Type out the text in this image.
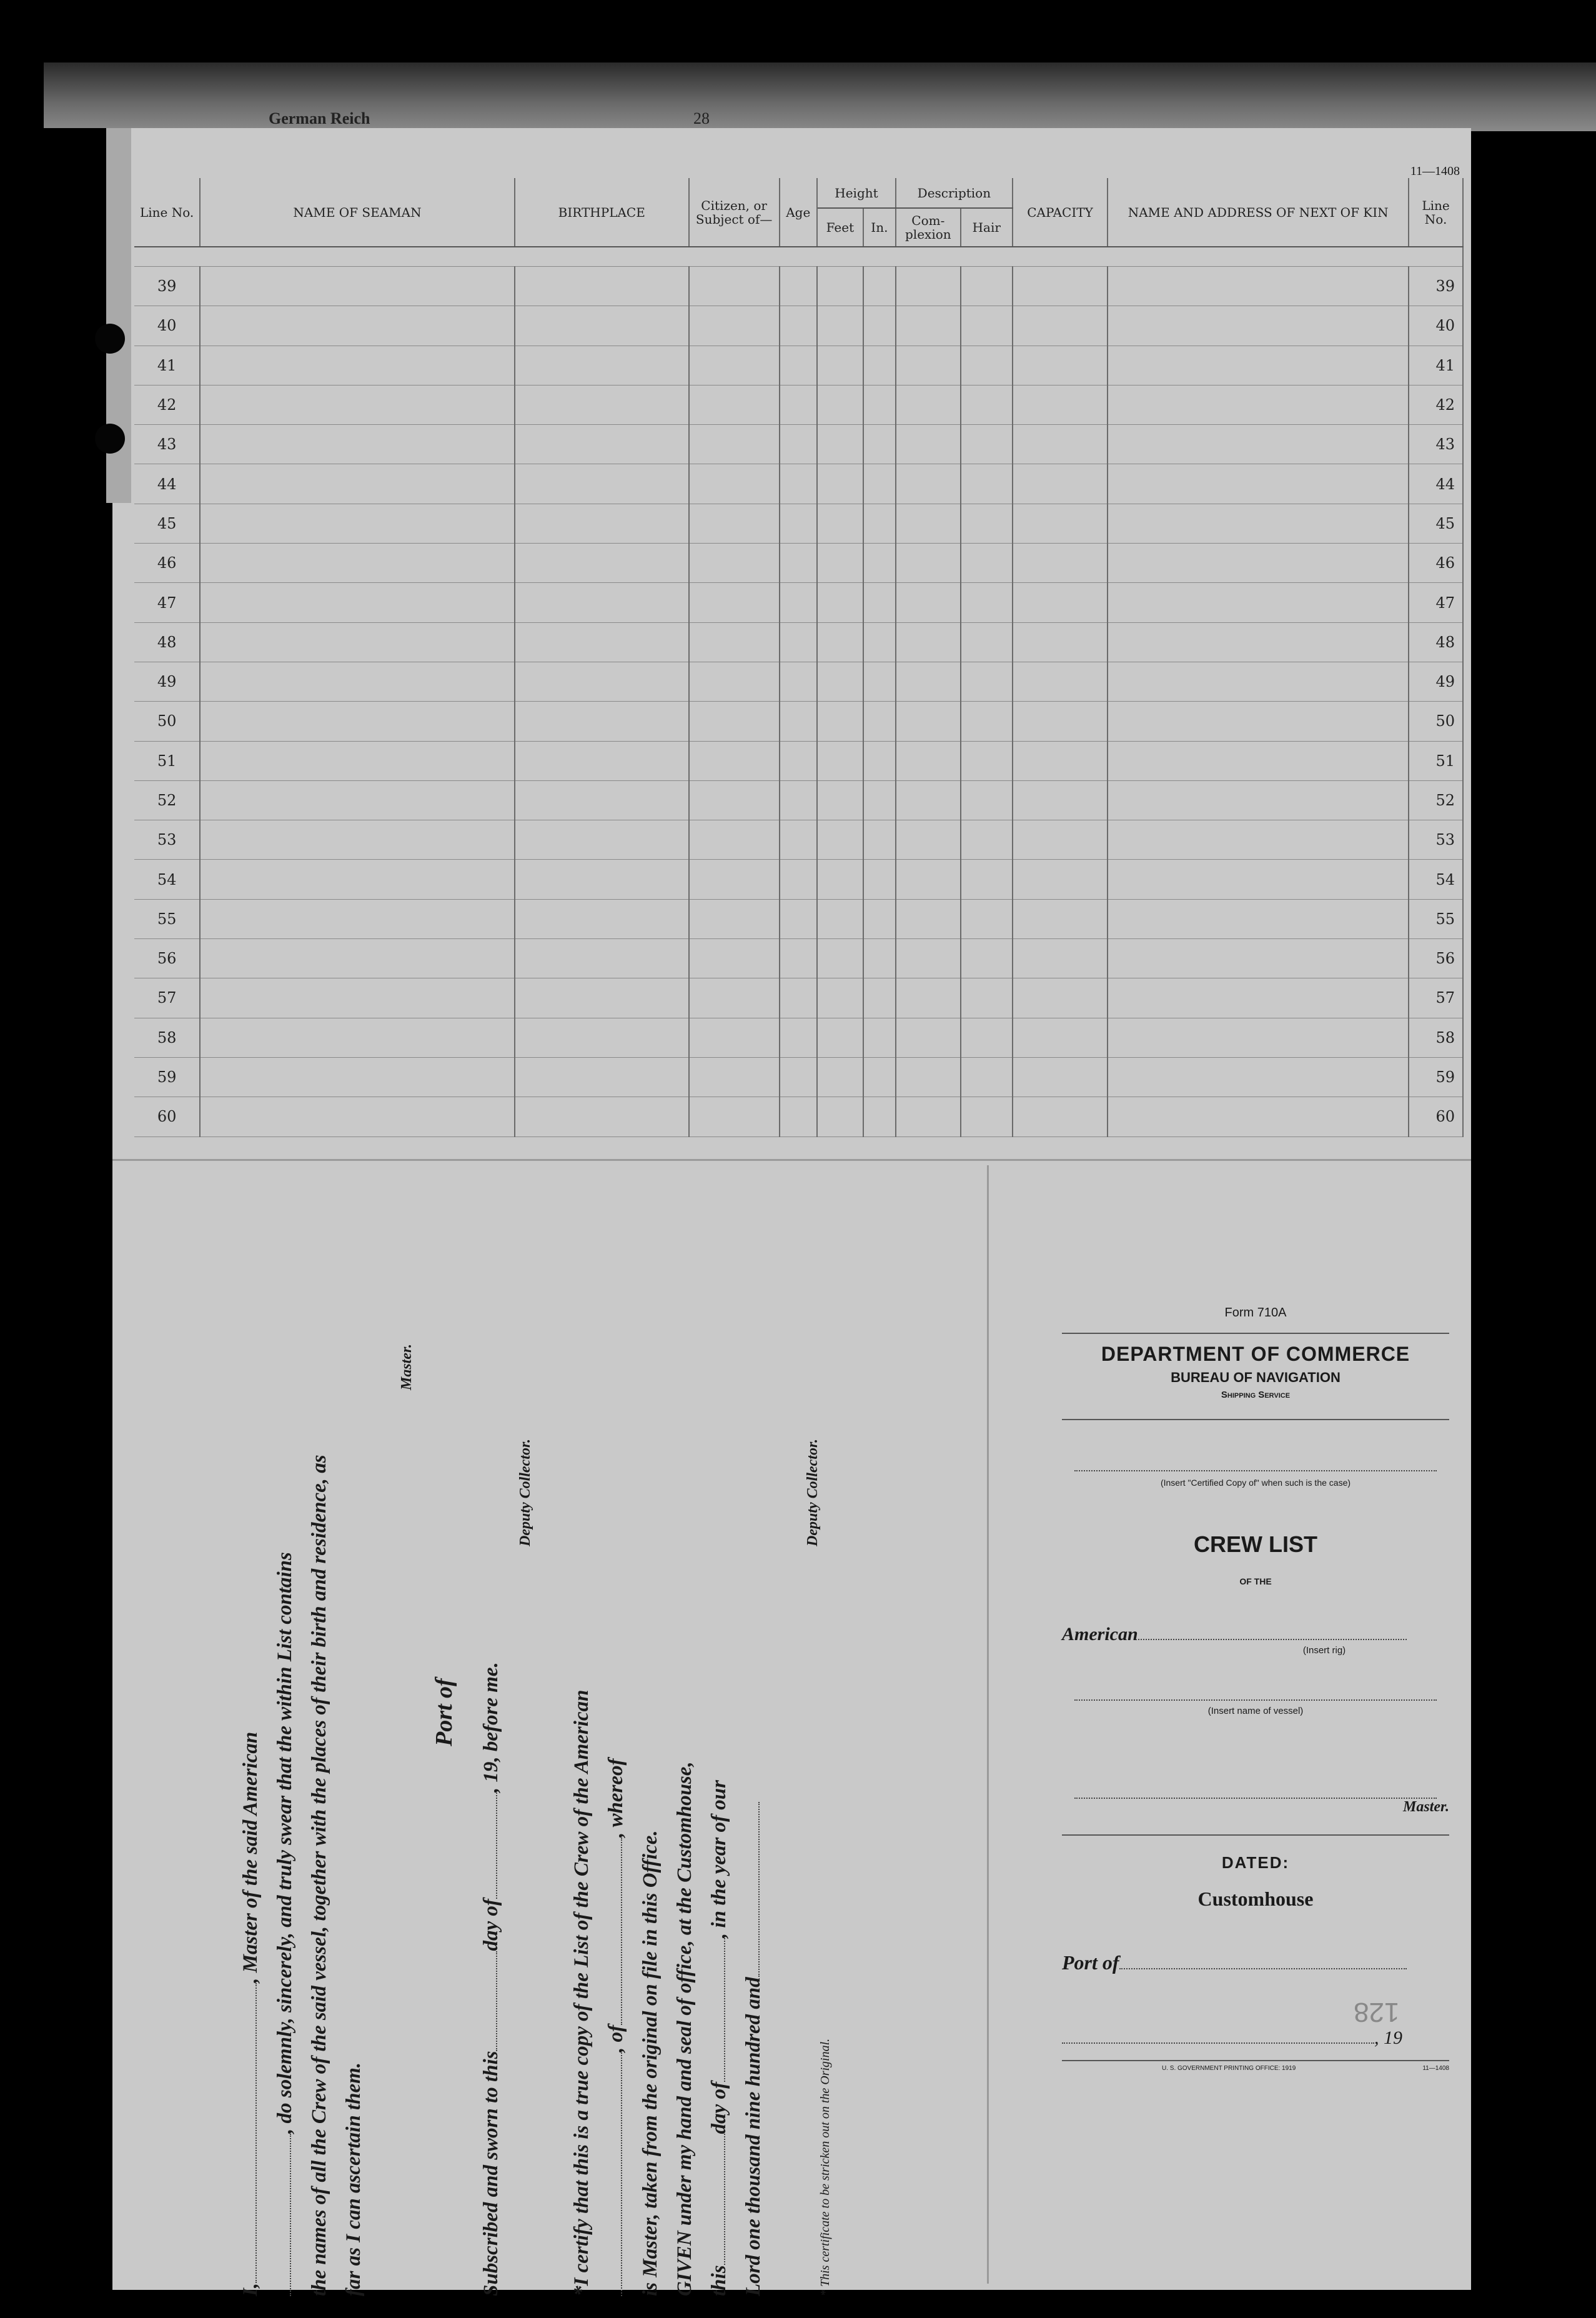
German Reich	28
11—1408
Line No.	NAME OF SEAMAN	BIRTHPLACE	Citizen, or Subject of—	Age	Height		Description		CAPACITY	NAME AND ADDRESS OF NEXT OF KIN	Line No.
					Feet	In.	Com- plexion	Hair			

39											39
40											40
41											41
42											42
43											43
44											44
45											45
46											46
47											47
48											48
49											49
50											50
51											51
52											52
53											53
54											54
55											55
56											56
57											57
58											58
59											59
60											60
I,, Master of the said American , do solemnly, sincerely, and truly swear that the within List contains the names of all the Crew of the said vessel, together with the places of their birth and residence, as far as I can ascertain them.
Master.
Port of
Subscribed and sworn to thisday of, 19, before me.
Deputy Collector.
*I certify that this is a true copy of the List of the Crew of the American , of, whereof
is Master, taken from the original on file in this Office. GIVEN under my hand and seal of office, at the Customhouse, thisday of, in the year of our
Lord one thousand nine hundred and
Deputy Collector.
* This certificate to be stricken out on the Original.
Form 710A
DEPARTMENT OF COMMERCE
BUREAU OF NAVIGATION
Shipping Service
(Insert "Certified Copy of" when such is the case)
CREW LIST
OF THE
American
(Insert rig)
(Insert name of vessel)
Master.
DATED:
Customhouse
Port of
128
, 19
U. S. GOVERNMENT PRINTING OFFICE: 1919	11—1408
